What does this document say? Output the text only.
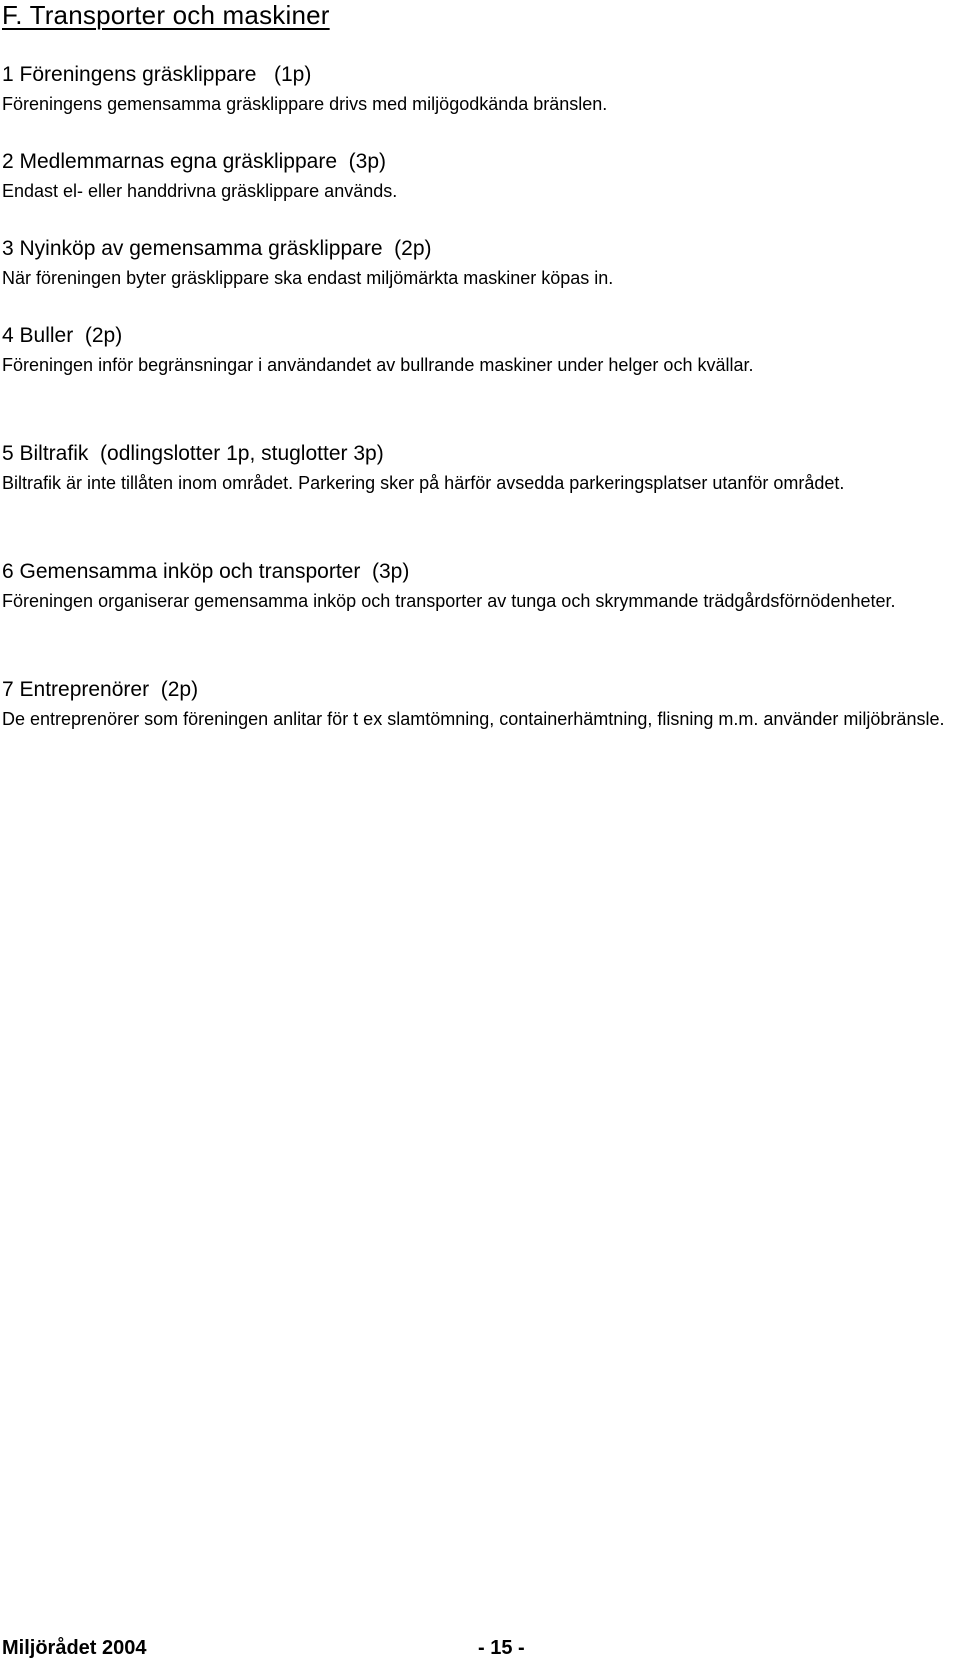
F. Transporter och maskiner
1 Föreningens gräsklippare   (1p)

Föreningens gemensamma gräsklippare drivs med miljögodkända bränslen.

2 Medlemmarnas egna gräsklippare  (3p)

Endast el- eller handdrivna gräsklippare används.

3 Nyinköp av gemensamma gräsklippare  (2p)

När föreningen byter gräsklippare ska endast miljömärkta maskiner köpas in.

4 Buller  (2p)

Föreningen inför begränsningar i användandet av bullrande maskiner under helger och kvällar.

5 Biltrafik  (odlingslotter 1p, stuglotter 3p)

Biltrafik är inte tillåten inom området. Parkering sker på härför avsedda parkeringsplatser utanför området.

6 Gemensamma inköp och transporter  (3p)

Föreningen organiserar gemensamma inköp och transporter av tunga och skrymmande trädgårdsförnödenheter.

7 Entreprenörer  (2p)

De entreprenörer som föreningen anlitar för t ex slamtömning, containerhämtning, flisning m.m. använder miljöbränsle.

Miljörådet 2004	- 15 -
